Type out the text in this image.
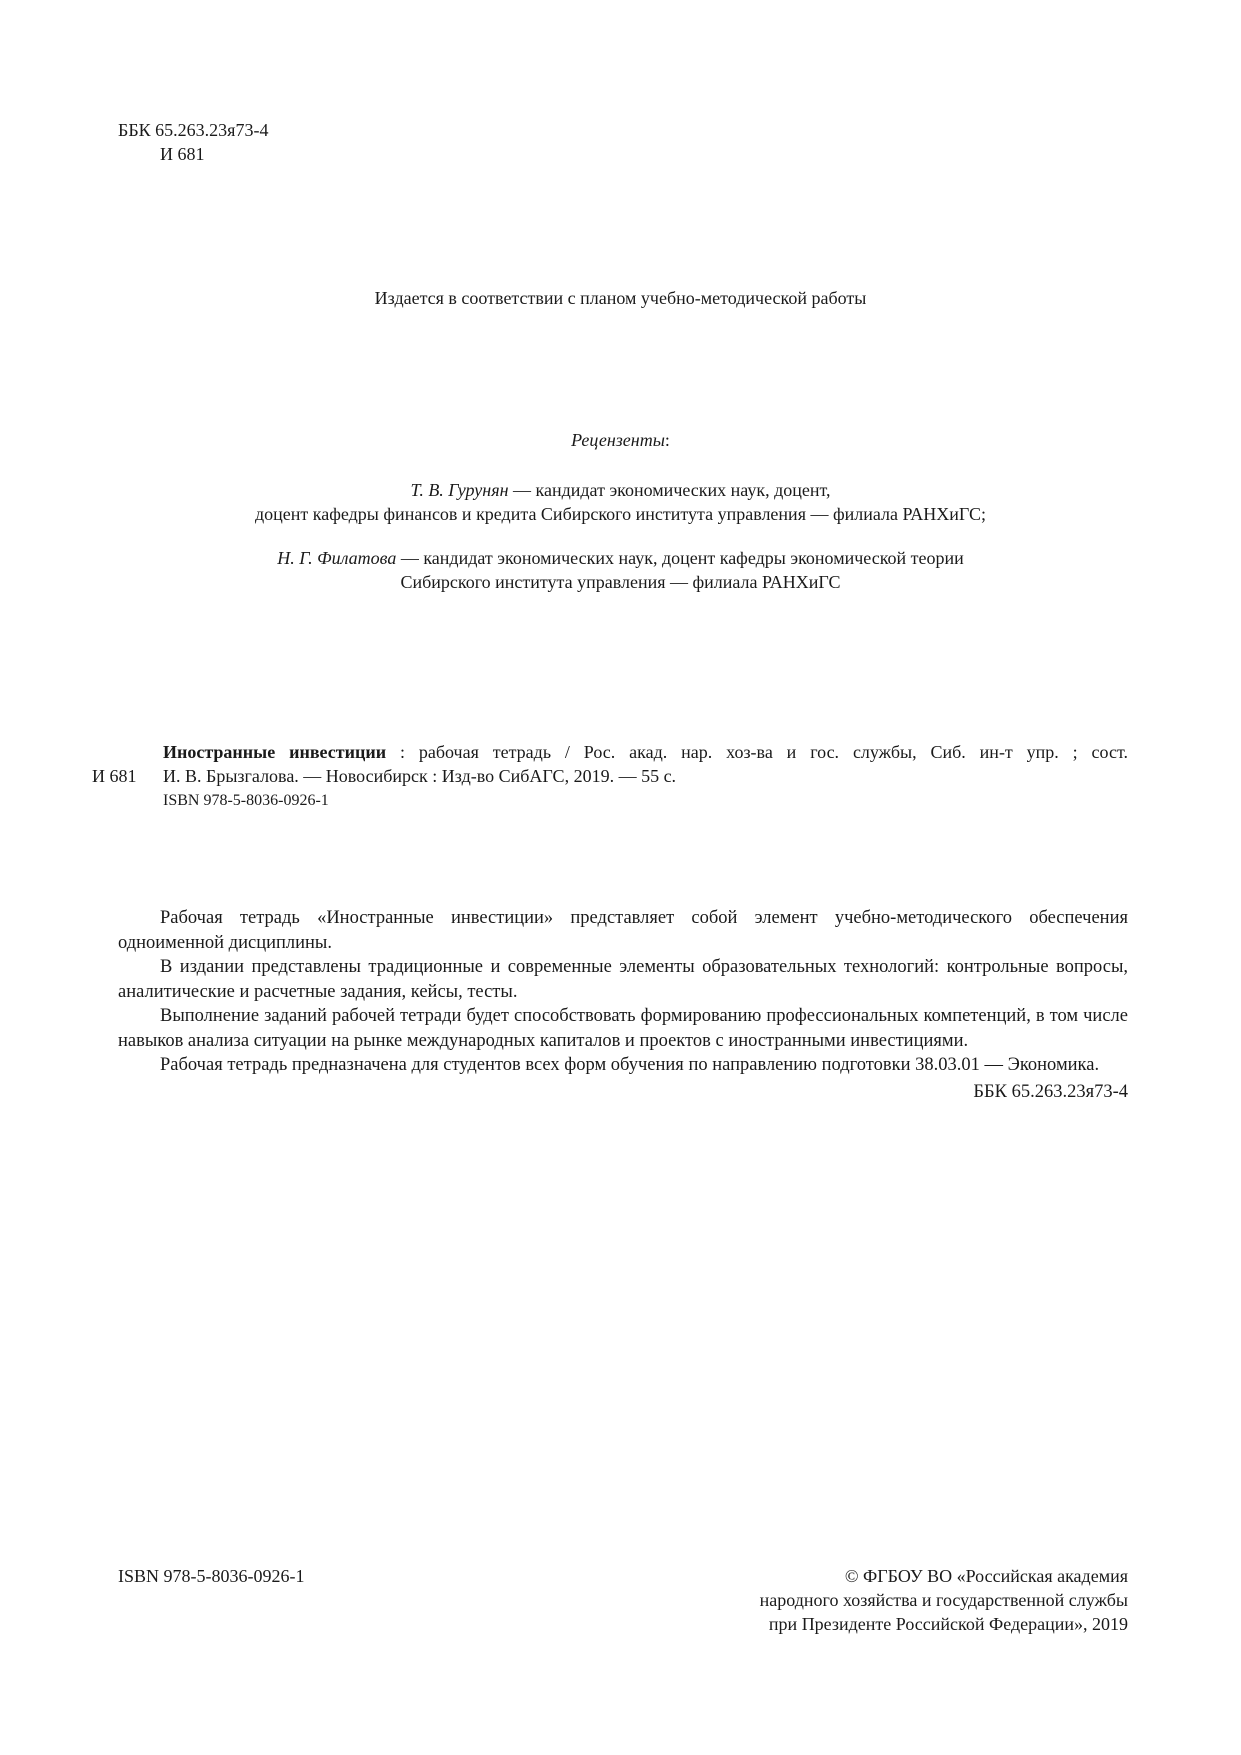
ББК 65.263.23я73-4
И 681
Издается в соответствии с планом учебно-методической работы
Рецензенты:
Т. В. Гурунян — кандидат экономических наук, доцент,
доцент кафедры финансов и кредита Сибирского института управления — филиала РАНХиГС;
Н. Г. Филатова — кандидат экономических наук, доцент кафедры экономической теории
Сибирского института управления — филиала РАНХиГС
Иностранные инвестиции : рабочая тетрадь / Рос. акад. нар. хоз-ва и гос. службы, Сиб. ин-т упр. ; сост.
И 681 И. В. Брызгалова. — Новосибирск : Изд-во СибАГС, 2019. — 55 с.
ISBN 978-5-8036-0926-1

Рабочая тетрадь «Иностранные инвестиции» представляет собой элемент учебно-методического обеспечения одноименной дисциплины.

В издании представлены традиционные и современные элементы образовательных технологий: контрольные вопросы, аналитические и расчетные задания, кейсы, тесты.

Выполнение заданий рабочей тетради будет способствовать формированию профессиональных компетенций, в том числе навыков анализа ситуации на рынке международных капиталов и проектов с иностранными инвестициями.

Рабочая тетрадь предназначена для студентов всех форм обучения по направлению подготовки 38.03.01 — Экономика.

ББК 65.263.23я73-4

ISBN 978-5-8036-0926-1	© ФГБОУ ВО «Российская академия
народного хозяйства и государственной службы
при Президенте Российской Федерации», 2019
